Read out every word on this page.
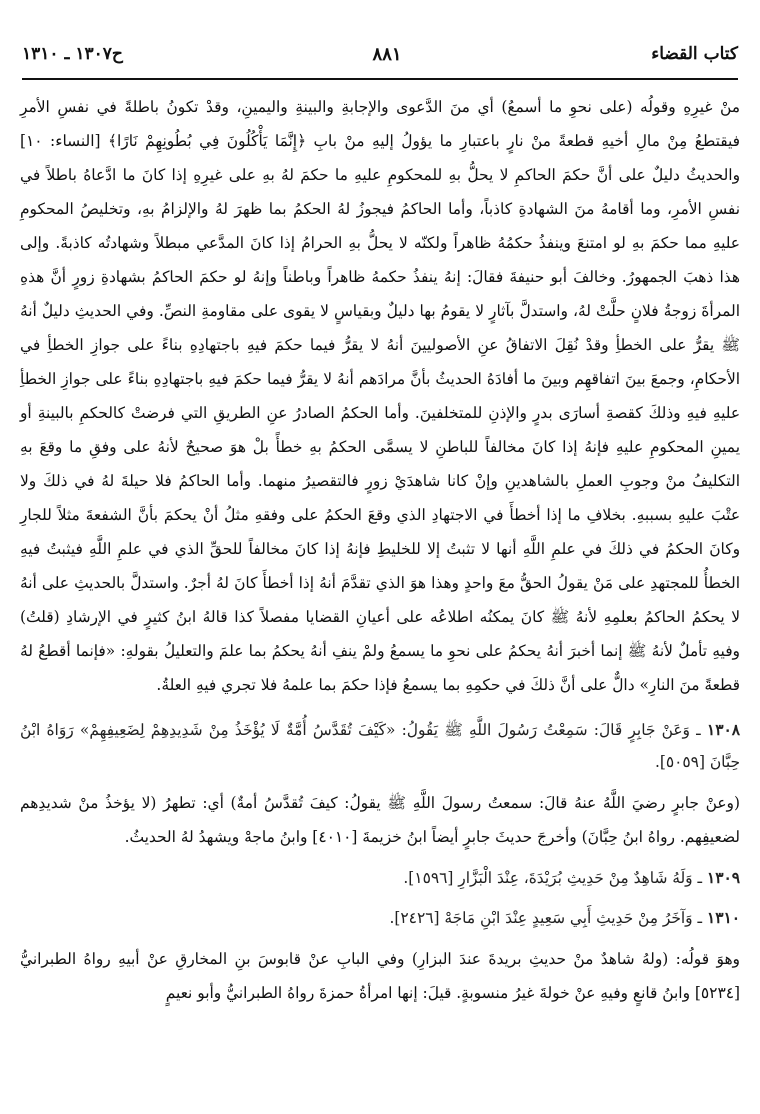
ح١٣٠٧ ـ ١٣١٠	٨٨١	كتاب القضاء

منْ غيرِهِ وقولُه (على نحوِ ما أسمعُ) أي منَ الدَّعوى والإجابةِ والبينةِ واليمينِ، وقدْ تكونُ باطلةً في نفسِ الأمرِ فيقتطعُ مِنْ مالِ أخيهِ قطعةً منْ نارٍ باعتبارِ ما يؤولُ إليهِ منْ بابِ ﴿إِنَّمَا يَأْكُلُونَ فِي بُطُونِهِمْ نَارًا﴾ [النساء: ١٠] والحديثُ دليلٌ على أنَّ حكمَ الحاكمِ لا يحلُّ بهِ للمحكومِ عليهِ ما حكمَ لهُ بهِ على غيرِهِ إذا كانَ ما ادَّعاهُ باطلاً في نفسِ الأمرِ، وما أقامهُ منَ الشهادةِ كاذباً، وأما الحاكمُ فيجوزُ لهُ الحكمُ بما ظهرَ لهُ والإلزامُ بهِ، وتخليصُ المحكومِ عليهِ مما حكمَ بهِ لو امتنعَ وينفذُ حكمُهُ ظاهراً ولكنّه لا يحلُّ بهِ الحرامُ إذا كانَ المدَّعي مبطلاً وشهادتُه كاذبةً. وإلى هذا ذهبَ الجمهورُ. وخالفَ أبو حنيفةَ فقالَ: إنهُ ينفذُ حكمهُ ظاهراً وباطناً وإنهُ لو حكمَ الحاكمُ بشهادةِ زورٍ أنَّ هذهِ المرأةَ زوجةُ فلانٍ حلَّتْ لهُ، واستدلَّ بآثارٍ لا يقومُ بها دليلٌ وبقياسٍ لا يقوى على مقاومةِ النصِّ. وفي الحديثِ دليلٌ أنهُ ﷺ يقرُّ على الخطأِ وقدْ نُقِلَ الاتفاقُ عنِ الأصوليينَ أنهُ لا يقرُّ فيما حكمَ فيهِ باجتهادِهِ بناءً على جوازِ الخطأِ في الأحكامِ، وجمعَ بينَ اتفاقهِم وبينَ ما أفادَهُ الحديثُ بأنَّ مرادَهم أنهُ لا يقرُّ فيما حكمَ فيهِ باجتهادِهِ بناءً على جوازِ الخطأِ عليهِ فيهِ وذلكَ كقصةِ أسارَى بدرٍ والإذنِ للمتخلفينَ. وأما الحكمُ الصادرُ عنِ الطريقِ التي فرضتْ كالحكمِ بالبينةِ أو يمينِ المحكومِ عليهِ فإنهُ إذا كانَ مخالفاً للباطنِ لا يسمَّى الحكمُ بهِ خطأً بلْ هوَ صحيحٌ لأنهُ على وفقِ ما وقعَ بهِ التكليفُ منْ وجوبِ العملِ بالشاهدينِ وإنْ كانا شاهدَيْ زورٍ فالتقصيرُ منهما. وأما الحاكمُ فلا حيلةَ لهُ في ذلكَ ولا عتْبَ عليهِ بسببهِ. بخلافِ ما إذا أخطأَ في الاجتهادِ الذي وقعَ الحكمُ على وفقهِ مثلُ أنْ يحكمَ بأنَّ الشفعةَ مثلاً للجارِ وكانَ الحكمُ في ذلكَ في علمِ اللَّهِ أنها لا تثبتُ إلا للخليطِ فإنهُ إذا كانَ مخالفاً للحقِّ الذي في علمِ اللَّهِ فيثبتُ فيهِ الخطأُ للمجتهدِ على مَنْ يقولُ الحقُّ معَ واحدٍ وهذا هوَ الذي تقدَّمَ أنهُ إذا أخطأَ كانَ لهُ أجرٌ. واستدلَّ بالحديثِ على أنهُ لا يحكمُ الحاكمُ بعلمِهِ لأنهُ ﷺ كانَ يمكنُه اطلاعُه على أعيانِ القضايا مفصلاً كذا قالهُ ابنُ كثيرٍ في الإرشادِ (قلتُ) وفيهِ تأملٌ لأنهُ ﷺ إنما أخبرَ أنهُ يحكمُ على نحوِ ما يسمعُ ولمْ ينفِ أنهُ يحكمُ بما علمَ والتعليلُ بقولهِ: «فإنما أقطعُ لهُ قطعةً منَ النارِ» دالٌّ على أنَّ ذلكَ في حكمِهِ بما يسمعُ فإذا حكمَ بما علمهُ فلا تجري فيهِ العلةُ.

١٣٠٨ ـ وَعَنْ جَابِرٍ قَالَ: سَمِعْتُ رَسُولَ اللَّهِ ﷺ يَقُولُ: «كَيْفَ تُقَدَّسُ أُمَّةٌ لَا يُؤْخَذُ مِنْ شَدِيدِهِمْ لِضَعِيفِهِمْ» رَوَاهُ ابْنُ حِبَّانَ [٥٠٥٩].

(وعنْ جابرٍ رضيَ اللَّهُ عنهُ قالَ: سمعتُ رسولَ اللَّهِ ﷺ يقولُ: كيفَ تُقدَّسُ أمةٌ) أي: تطهرُ (لا يؤخذُ منْ شديدِهم لضعيفِهم. رواهُ ابنُ حِبَّانَ) وأخرجَ حديثَ جابرٍ أيضاً ابنُ خزيمةَ [٤٠١٠] وابنُ ماجهْ ويشهدُ لهُ الحديثُ.

١٣٠٩ ـ وَلَهُ شَاهِدٌ مِنْ حَدِيثِ بُرَيْدَةَ، عِنْدَ الْبَزَّارِ [١٥٩٦].

١٣١٠ ـ وَآخَرُ مِنْ حَدِيثِ أَبِي سَعِيدٍ عِنْدَ ابْنِ مَاجَهْ [٢٤٢٦].

وهوَ قولُه: (ولهُ شاهدٌ منْ حديثِ بريدةَ عندَ البزارِ) وفي البابِ عنْ قابوسَ بنِ المخارقِ عنْ أبيهِ رواهُ الطبرانيُّ [٥٢٣٤] وابنُ قانعٍ وفيهِ عنْ خولةَ غيرُ منسوبةٍ. قيلَ: إنها امرأةُ حمزةَ رواهُ الطبرانيُّ وأبو نعيمٍ
